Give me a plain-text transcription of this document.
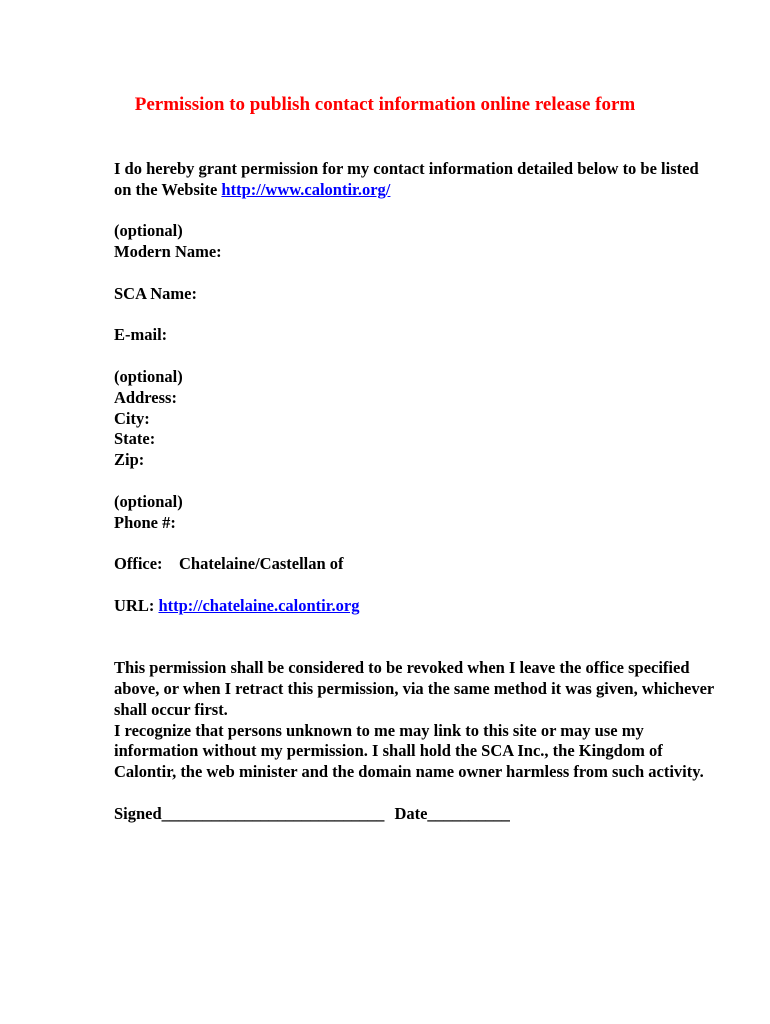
Permission to publish contact information online release form

I do hereby grant permission for my contact information detailed below to be listed on the Website http://www.calontir.org/

(optional)

Modern Name:

SCA Name:

E-mail:

(optional)

Address:

City:

State:

Zip:

(optional)

Phone #:

Office: Chatelaine/Castellan of

URL: http://chatelaine.calontir.org

This permission shall be considered to be revoked when I leave the office specified above, or when I retract this permission, via the same method it was given, whichever shall occur first.

I recognize that persons unknown to me may link to this site or may use my information without my permission. I shall hold the SCA Inc., the Kingdom of Calontir, the web minister and the domain name owner harmless from such activity.

Signed___________________________ Date__________
